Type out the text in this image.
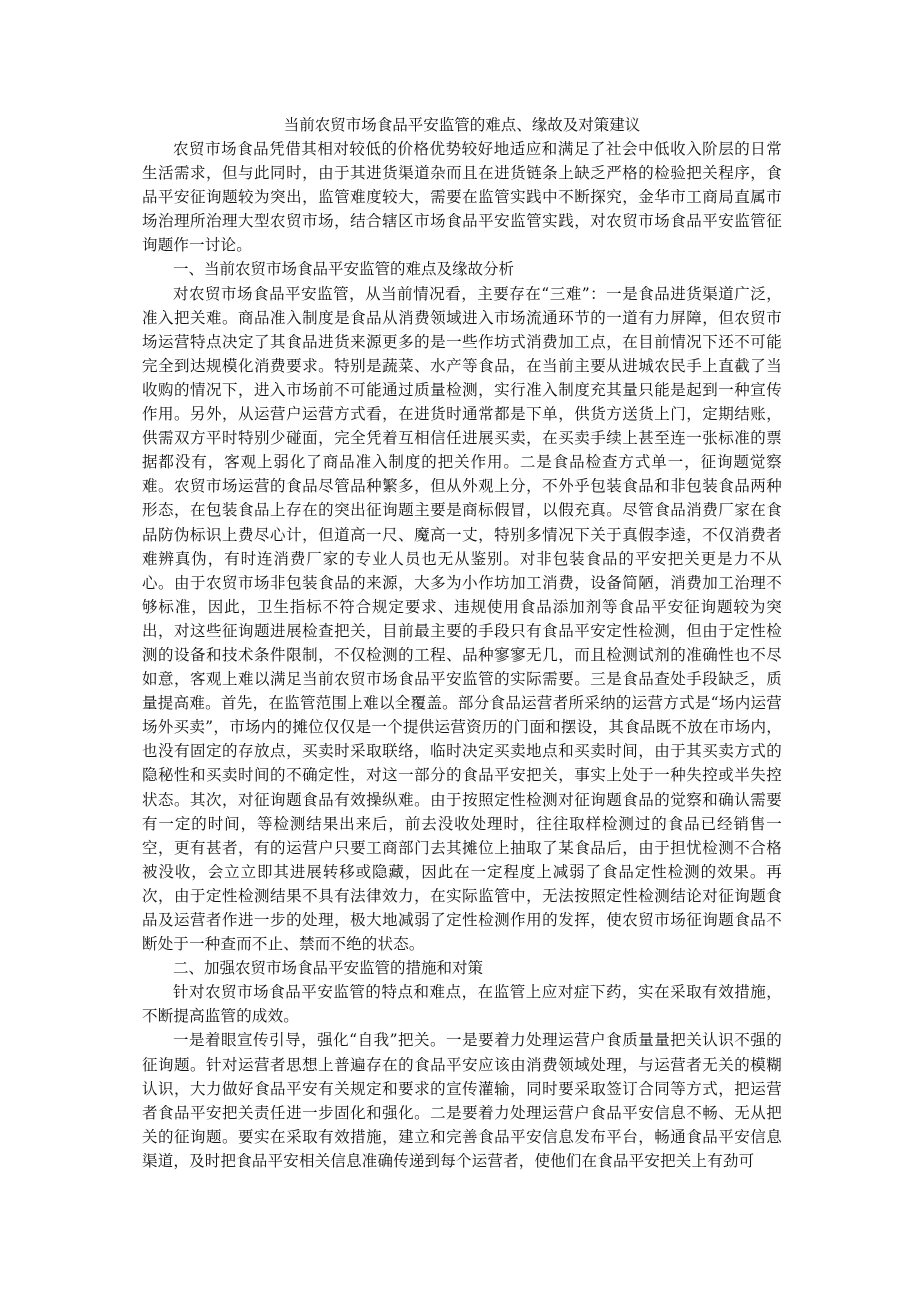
当前农贸市场食品平安监管的难点、缘故及对策建议

农贸市场食品凭借其相对较低的价格优势较好地适应和满足了社会中低收入阶层的日常生活需求，但与此同时，由于其进货渠道杂而且在进货链条上缺乏严格的检验把关程序，食品平安征询题较为突出，监管难度较大，需要在监管实践中不断探究，金华市工商局直属市场治理所治理大型农贸市场，结合辖区市场食品平安监管实践，对农贸市场食品平安监管征询题作一讨论。

一、当前农贸市场食品平安监管的难点及缘故分析

对农贸市场食品平安监管，从当前情况看，主要存在“三难”：一是食品进货渠道广泛，准入把关难。商品准入制度是食品从消费领域进入市场流通环节的一道有力屏障，但农贸市场运营特点决定了其食品进货来源更多的是一些作坊式消费加工点，在目前情况下还不可能完全到达规模化消费要求。特别是蔬菜、水产等食品，在当前主要从进城农民手上直截了当收购的情况下，进入市场前不可能通过质量检测，实行准入制度充其量只能是起到一种宣传作用。另外，从运营户运营方式看，在进货时通常都是下单，供货方送货上门，定期结账，供需双方平时特别少碰面，完全凭着互相信任进展买卖，在买卖手续上甚至连一张标准的票据都没有，客观上弱化了商品准入制度的把关作用。二是食品检查方式单一，征询题觉察难。农贸市场运营的食品尽管品种繁多，但从外观上分，不外乎包装食品和非包装食品两种形态，在包装食品上存在的突出征询题主要是商标假冒，以假充真。尽管食品消费厂家在食品防伪标识上费尽心计，但道高一尺、魔高一丈，特别多情况下关于真假李逵，不仅消费者难辨真伪，有时连消费厂家的专业人员也无从鉴别。对非包装食品的平安把关更是力不从心。由于农贸市场非包装食品的来源，大多为小作坊加工消费，设备简陋，消费加工治理不够标准，因此，卫生指标不符合规定要求、违规使用食品添加剂等食品平安征询题较为突出，对这些征询题进展检查把关，目前最主要的手段只有食品平安定性检测，但由于定性检测的设备和技术条件限制，不仅检测的工程、品种寥寥无几，而且检测试剂的准确性也不尽如意，客观上难以满足当前农贸市场食品平安监管的实际需要。三是食品查处手段缺乏，质量提高难。首先，在监管范围上难以全覆盖。部分食品运营者所采纳的运营方式是“场内运营场外买卖”，市场内的摊位仅仅是一个提供运营资历的门面和摆设，其食品既不放在市场内，也没有固定的存放点，买卖时采取联络，临时决定买卖地点和买卖时间，由于其买卖方式的隐秘性和买卖时间的不确定性，对这一部分的食品平安把关，事实上处于一种失控或半失控状态。其次，对征询题食品有效操纵难。由于按照定性检测对征询题食品的觉察和确认需要有一定的时间，等检测结果出来后，前去没收处理时，往往取样检测过的食品已经销售一空，更有甚者，有的运营户只要工商部门去其摊位上抽取了某食品后，由于担忧检测不合格被没收，会立立即其进展转移或隐藏，因此在一定程度上减弱了食品定性检测的效果。再次，由于定性检测结果不具有法律效力，在实际监管中，无法按照定性检测结论对征询题食品及运营者作进一步的处理，极大地减弱了定性检测作用的发挥，使农贸市场征询题食品不断处于一种查而不止、禁而不绝的状态。

二、加强农贸市场食品平安监管的措施和对策

针对农贸市场食品平安监管的特点和难点，在监管上应对症下药，实在采取有效措施，不断提高监管的成效。

一是着眼宣传引导，强化“自我”把关。一是要着力处理运营户食质量量把关认识不强的征询题。针对运营者思想上普遍存在的食品平安应该由消费领域处理，与运营者无关的模糊认识，大力做好食品平安有关规定和要求的宣传灌输，同时要采取签订合同等方式，把运营者食品平安把关责任进一步固化和强化。二是要着力处理运营户食品平安信息不畅、无从把关的征询题。要实在采取有效措施，建立和完善食品平安信息发布平台，畅通食品平安信息渠道，及时把食品平安相关信息准确传递到每个运营者，使他们在食品平安把关上有劲可
